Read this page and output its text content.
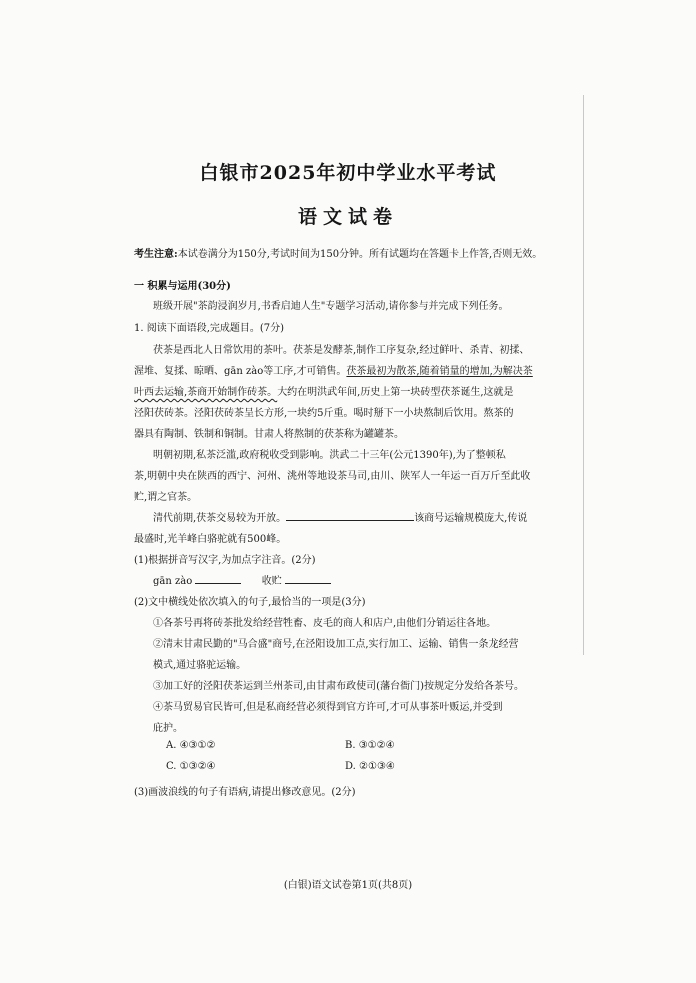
白银市2025年初中学业水平考试
语文试卷
考生注意:本试卷满分为150分,考试时间为150分钟。所有试题均在答题卡上作答,否则无效。
一 积累与运用(30分)
班级开展"茶韵浸润岁月,书香启迪人生"专题学习活动,请你参与并完成下列任务。
1. 阅读下面语段,完成题目。(7分)
茯茶是西北人日常饮用的茶叶。茯茶是发酵茶,制作工序复杂,经过鲜叶、杀青、初揉、
渥堆、复揉、晾晒、gān zào等工序,才可销售。茯茶最初为散茶,随着销量的增加,为解决茶
叶西去运输,茶商开始制作砖茶。大约在明洪武年间,历史上第一块砖型茯茶诞生,这就是
泾阳茯砖茶。泾阳茯砖茶呈长方形,一块约5斤重。喝时掰下一小块熬制后饮用。熬茶的
器具有陶制、铁制和铜制。甘肃人将熬制的茯茶称为罐罐茶。
明朝初期,私茶泛滥,政府税收受到影响。洪武二十三年(公元1390年),为了整顿私
茶,明朝中央在陕西的西宁、河州、洮州等地设茶马司,由川、陕军人一年运一百万斤至此收
贮,谓之官茶。
清代前期,茯茶交易较为开放。	该商号运输规模庞大,传说
最盛时,光羊峰白骆驼就有500峰。
(1)根据拼音写汉字,为加点字注音。(2分)
gān zào	收贮
(2)文中横线处依次填入的句子,最恰当的一项是(3分)
①各茶号再将砖茶批发给经营牲畜、皮毛的商人和店户,由他们分销运往各地。
②清末甘肃民勤的"马合盛"商号,在泾阳设加工点,实行加工、运输、销售一条龙经营
模式,通过骆驼运输。
③加工好的泾阳茯茶运到兰州茶司,由甘肃布政使司(藩台衙门)按规定分发给各茶号。
④茶马贸易官民皆可,但是私商经营必须得到官方许可,才可从事茶叶贩运,并受到
庇护。
A. ④③①②	B. ③①②④
C. ①③②④	D. ②①③④
(3)画波浪线的句子有语病,请提出修改意见。(2分)
(白银)语文试卷第1页(共8页)
